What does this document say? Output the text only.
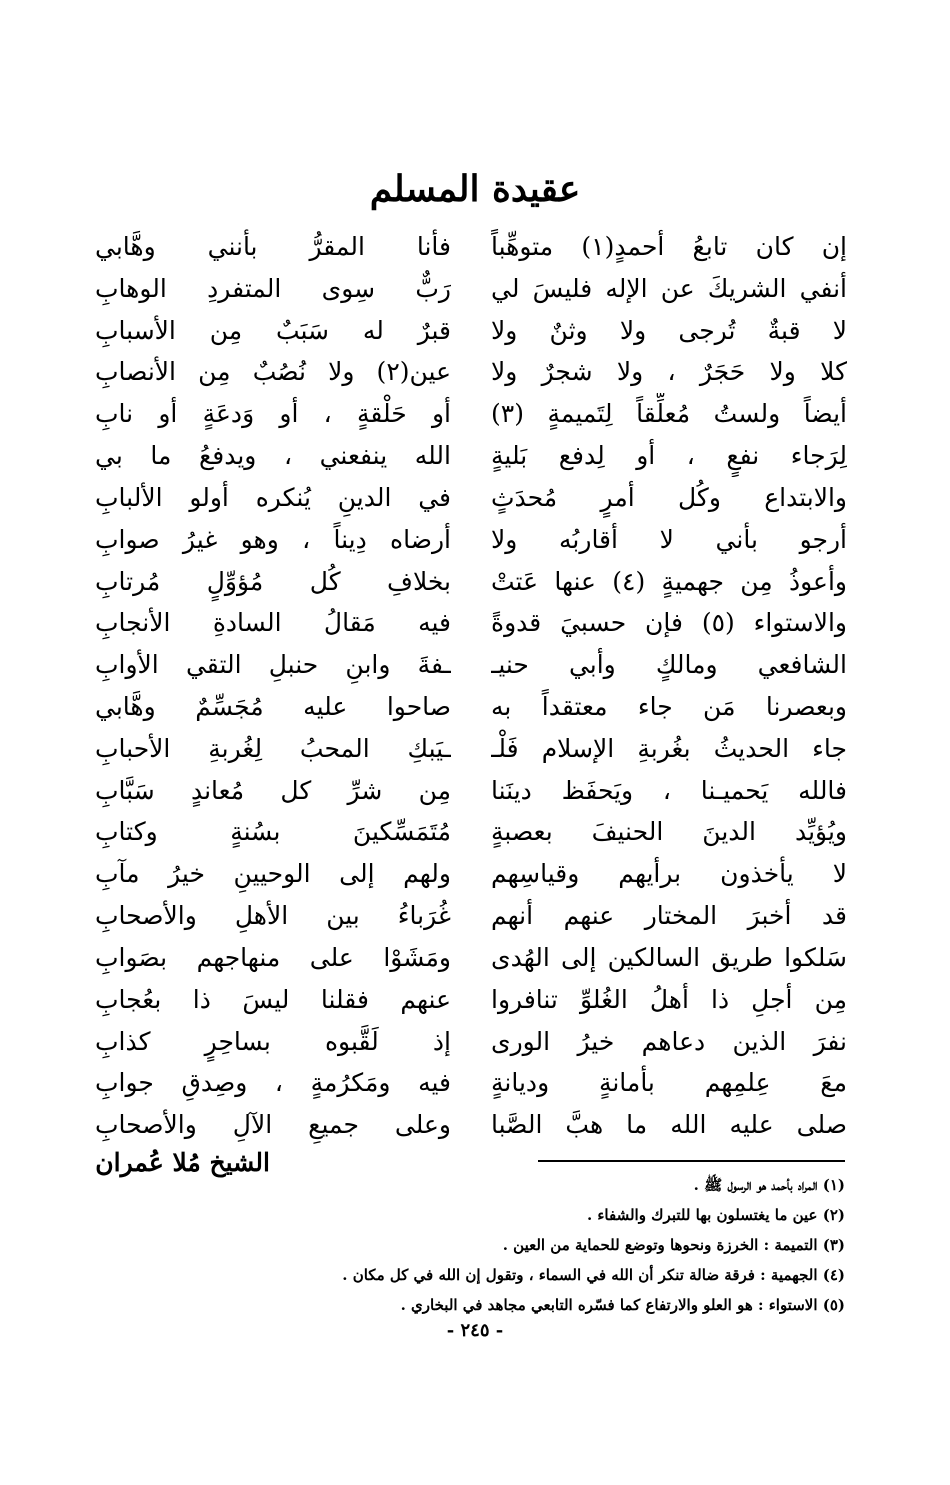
عقيدة المسلم
إن كان تابعُ أحمدٍ(١) متوهِّباً
فأنا المقرُّ بأنني وهَّابي
أنفي الشريكَ عن الإله فليسَ لي
رَبٌّ سِوى المتفردِ الوهابِ
لا قبةٌ تُرجى ولا وثنٌ ولا
قبرٌ له سَبَبٌ مِن الأسبابِ
كلا ولا حَجَرٌ ، ولا شجرٌ ولا
عين(٢) ولا نُصُبٌ مِن الأنصابِ
أيضاً ولستُ مُعلِّقاً لِتَميمةٍ (٣)
أو حَلْقةٍ ، أو وَدعَةٍ أو نابِ
لِرَجاء نفعٍ ، أو لِدفع بَليةٍ
الله ينفعني ، ويدفعُ ما بي
والابتداع وكُل أمرٍ مُحدَثٍ
في الدينِ يُنكره أولو الألبابِ
أرجو بأني لا أقاربُه ولا
أرضاه دِيناً ، وهو غيرُ صوابِ
وأعوذُ مِن جهميةٍ (٤) عنها عَتتْ
بخلافِ كُل مُؤوِّلٍ مُرتابِ
والاستواء (٥) فإن حسبيَ قدوةً
فيه مَقالُ السادةِ الأنجابِ
الشافعي ومالكٍ وأبي حنيـ
ـفةَ وابنِ حنبلِ التقي الأوابِ
وبعصرنا مَن جاء معتقداً به
صاحوا عليه مُجَسِّمٌ وهَّابي
جاء الحديثُ بغُربةِ الإسلام فَلْـ
ـيَبكِ المحبُ لِغُربةِ الأحبابِ
فالله يَحميـنا ، ويَحفَظ دينَنا
مِن شرِّ كل مُعاندٍ سَبَّابِ
ويُؤيِّد الدينَ الحنيفَ بعصبةٍ
مُتَمَسِّكينَ بسُنةٍ وكتابِ
لا يأخذون برأيهم وقياسِهم
ولهم إلى الوحيينِ خيرُ مآبِ
قد أخبرَ المختار عنهم أنهم
غُرَباءُ بين الأهلِ والأصحابِ
سَلكوا طريق السالكين إلى الهُدى
ومَشَوْا على منهاجهم بصَوابِ
مِن أجلِ ذا أهلُ الغُلوِّ تنافروا
عنهم فقلنا ليسَ ذا بعُجابِ
نفرَ الذين دعاهم خيرُ الورى
إذ لَقَّبوه بساحِرٍ كذابِ
معَ عِلمِهم بأمانةٍ وديانةٍ
فيه ومَكرُمةٍ ، وصِدقِ جوابِ
صلى عليه الله ما هبَّ الصَّبا
وعلى جميعِ الآلِ والأصحابِ
الشيخ مُلا عُمران
(١) المراد بأحمد هو الرسول ﷺ .
(٢) عين ما يغتسلون بها للتبرك والشفاء .
(٣) التميمة : الخرزة ونحوها وتوضع للحماية من العين .
(٤) الجهمية : فرقة ضالة تنكر أن الله في السماء ، وتقول إن الله في كل مكان .
(٥) الاستواء : هو العلو والارتفاع كما فسّره التابعي مجاهد في البخاري .
- ٢٤٥ -
